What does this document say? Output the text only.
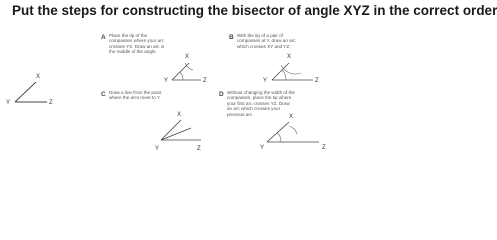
Put the steps for constructing the bisector of angle XYZ in the correct order
X
Y	Z
X
Y	Z
A Place the tip of the compasses where your arc crosses YX. Draw an arc in the middle of the angle.
X
Y	Z
B With the tip of a pair of compasses at Y, draw an arc which crosses XY and YZ.
X
Y	Z
C Draw a line from the point where the arcs meet to Y.
X
Y	Z
D Without changing the width of the compasses, place the tip where your first arc crosses YZ. Draw an arc which crosses your previous arc.
